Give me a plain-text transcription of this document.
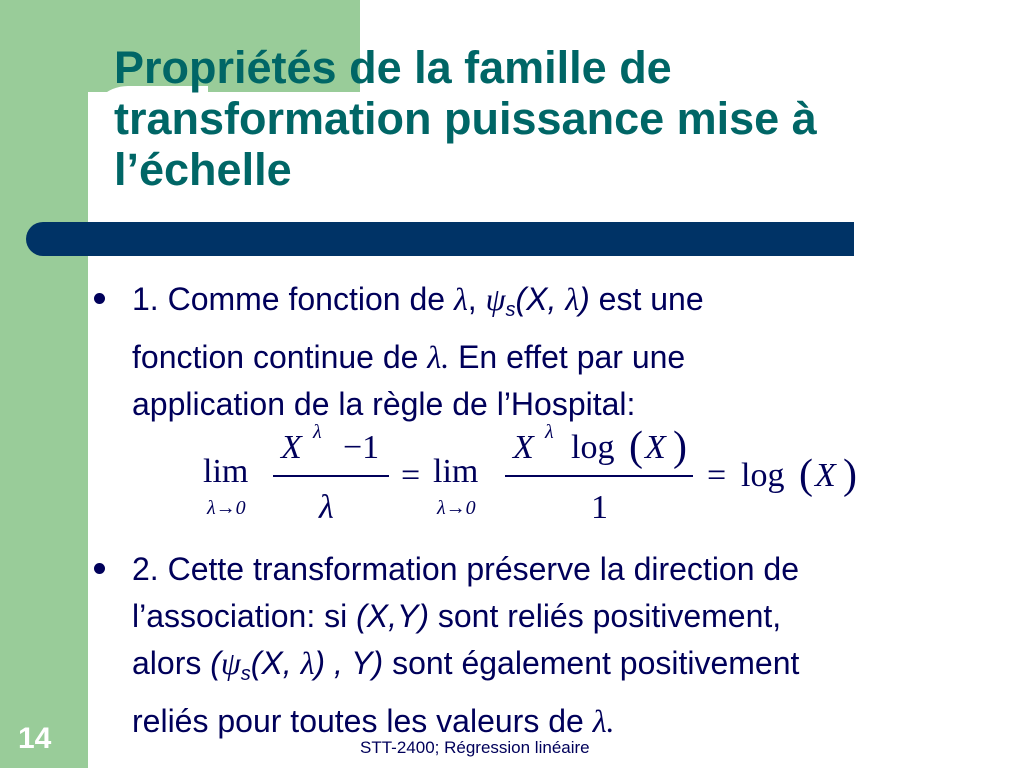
Propriétés de la famille de
transformation puissance mise à
l’échelle
1. Comme fonction de λ, $\psi_s(X$, λ) est une
fonction continue de λ. En effet par une
application de la règle de l’Hospital:
2. Cette transformation préserve la direction de
l’association: si (X,Y) sont reliés positivement,
alors ($\psi_s(X$, λ) , Y) sont également positivement
reliés pour toutes les valeurs de λ.
lim
λ→0
X λ −1
λ
= lim
λ→0
X λ log ( X )
1
= log ( X )
14	STT-2400; Régression linéaire
